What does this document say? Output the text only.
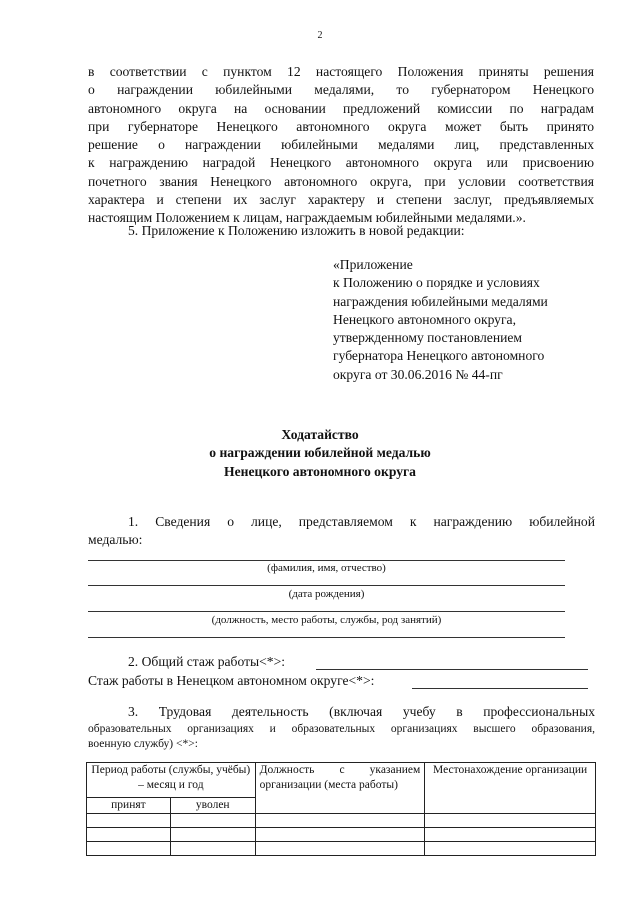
2
в соответствии с пунктом 12 настоящего Положения приняты решения
о награждении юбилейными медалями, то губернатором Ненецкого
автономного округа на основании предложений комиссии по наградам
при губернаторе Ненецкого автономного округа может быть принято
решение о награждении юбилейными медалями лиц, представленных
к награждению наградой Ненецкого автономного округа или присвоению
почетного звания Ненецкого автономного округа, при условии соответствия
характера и степени их заслуг характеру и степени заслуг, предъявляемых
настоящим Положением к лицам, награждаемым юбилейными медалями.».
5. Приложение к Положению изложить в новой редакции:
«Приложение
к Положению о порядке и условиях
награждения юбилейными медалями
Ненецкого автономного округа,
утвержденному постановлением
губернатора Ненецкого автономного
округа от 30.06.2016 № 44-пг
Ходатайство
о награждении юбилейной медалью
Ненецкого автономного округа
1. Сведения о лице, представляемом к награждению юбилейной
медалью:
(фамилия, имя, отчество)
(дата рождения)
(должность, место работы, службы, род занятий)
2. Общий стаж работы<*>:
Стаж работы в Ненецком автономном округе<*>:
3. Трудовая деятельность (включая учебу в профессиональных
образовательных организациях и образовательных организациях высшего образования,
военную службу) <*>:
Период работы (службы, учёбы) – месяц и год		Должность с указанием организации (места работы)	Местонахождение организации
принят	уволен		
